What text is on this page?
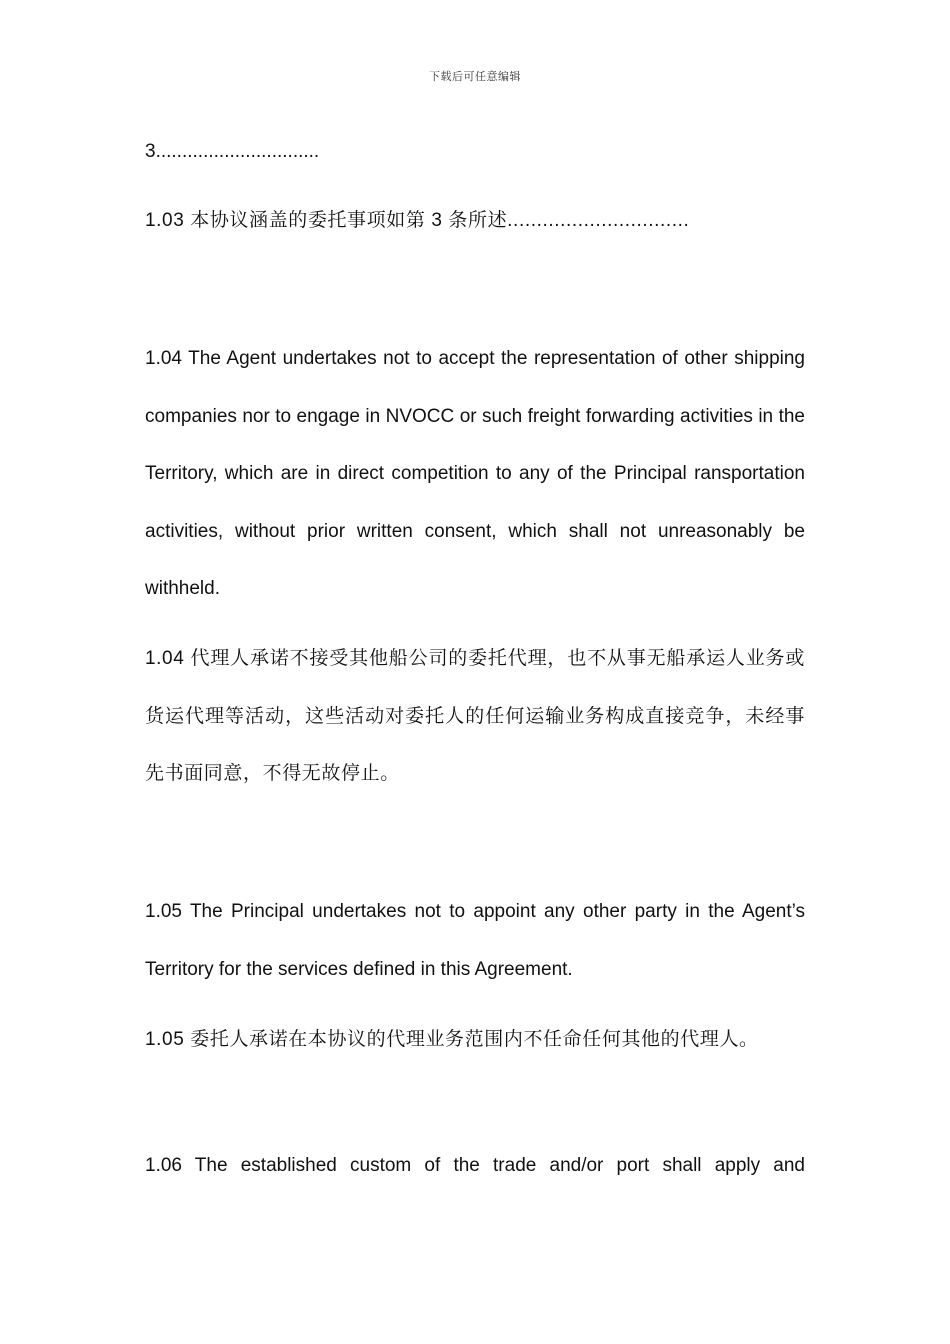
下载后可任意编辑

3...............................

1.03 本协议涵盖的委托事项如第 3 条所述...............................

1.04 The Agent undertakes not to accept the representation of other shipping companies nor to engage in NVOCC or such freight forwarding activities in the Territory, which are in direct competition to any of the Principal ransportation activities, without prior written consent, which shall not unreasonably be withheld.

1.04 代理人承诺不接受其他船公司的委托代理，也不从事无船承运人业务或货运代理等活动，这些活动对委托人的任何运输业务构成直接竞争，未经事先书面同意，不得无故停止。

1.05 The Principal undertakes not to appoint any other party in the Agent’s Territory for the services defined in this Agreement.

1.05 委托人承诺在本协议的代理业务范围内不任命任何其他的代理人。

1.06 The established custom of the trade and/or port shall apply and
